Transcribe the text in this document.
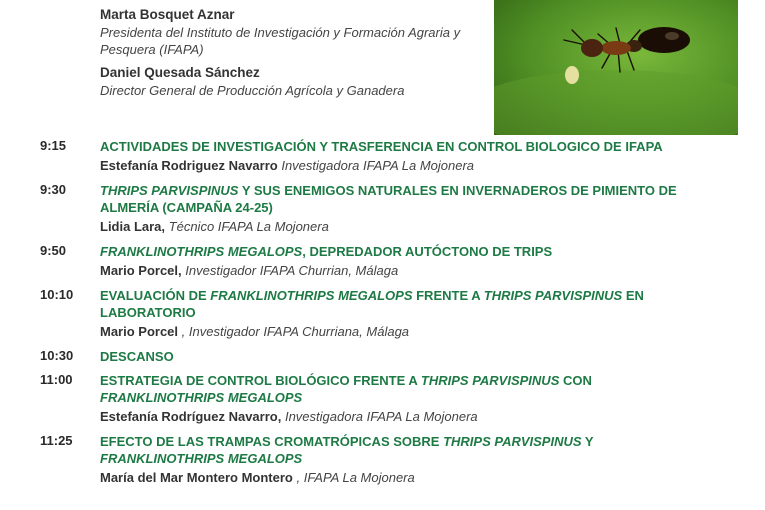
Marta Bosquet Aznar
Presidenta del Instituto de Investigación y Formación Agraria y Pesquera (IFAPA)
Daniel Quesada Sánchez
Director General de Producción Agrícola y Ganadera
9:15	ACTIVIDADES DE INVESTIGACIÓN Y TRASFERENCIA EN CONTROL BIOLOGICO DE IFAPA
Estefanía Rodriguez Navarro Investigadora IFAPA La Mojonera
9:30	THRIPS PARVISPINUS Y SUS ENEMIGOS NATURALES EN INVERNADEROS DE PIMIENTO DE ALMERÍA (CAMPAÑA 24-25)
Lidia Lara, Técnico IFAPA La Mojonera
9:50	FRANKLINOTHRIPS MEGALOPS, DEPREDADOR AUTÓCTONO DE TRIPS
Mario Porcel, Investigador IFAPA Churrian, Málaga
10:10 EVALUACIÓN DE FRANKLINOTHRIPS MEGALOPS FRENTE A THRIPS PARVISPINUS EN LABORATORIO
Mario Porcel , Investigador IFAPA Churriana, Málaga
10:30 DESCANSO
11:00 ESTRATEGIA DE CONTROL BIOLÓGICO FRENTE A THRIPS PARVISPINUS CON FRANKLINOTHRIPS MEGALOPS
Estefanía Rodríguez Navarro, Investigadora IFAPA La Mojonera
11:25 EFECTO DE LAS TRAMPAS CROMATRÓPICAS SOBRE THRIPS PARVISPINUS Y FRANKLINOTHRIPS MEGALOPS
María del Mar Montero Montero , IFAPA La Mojonera
